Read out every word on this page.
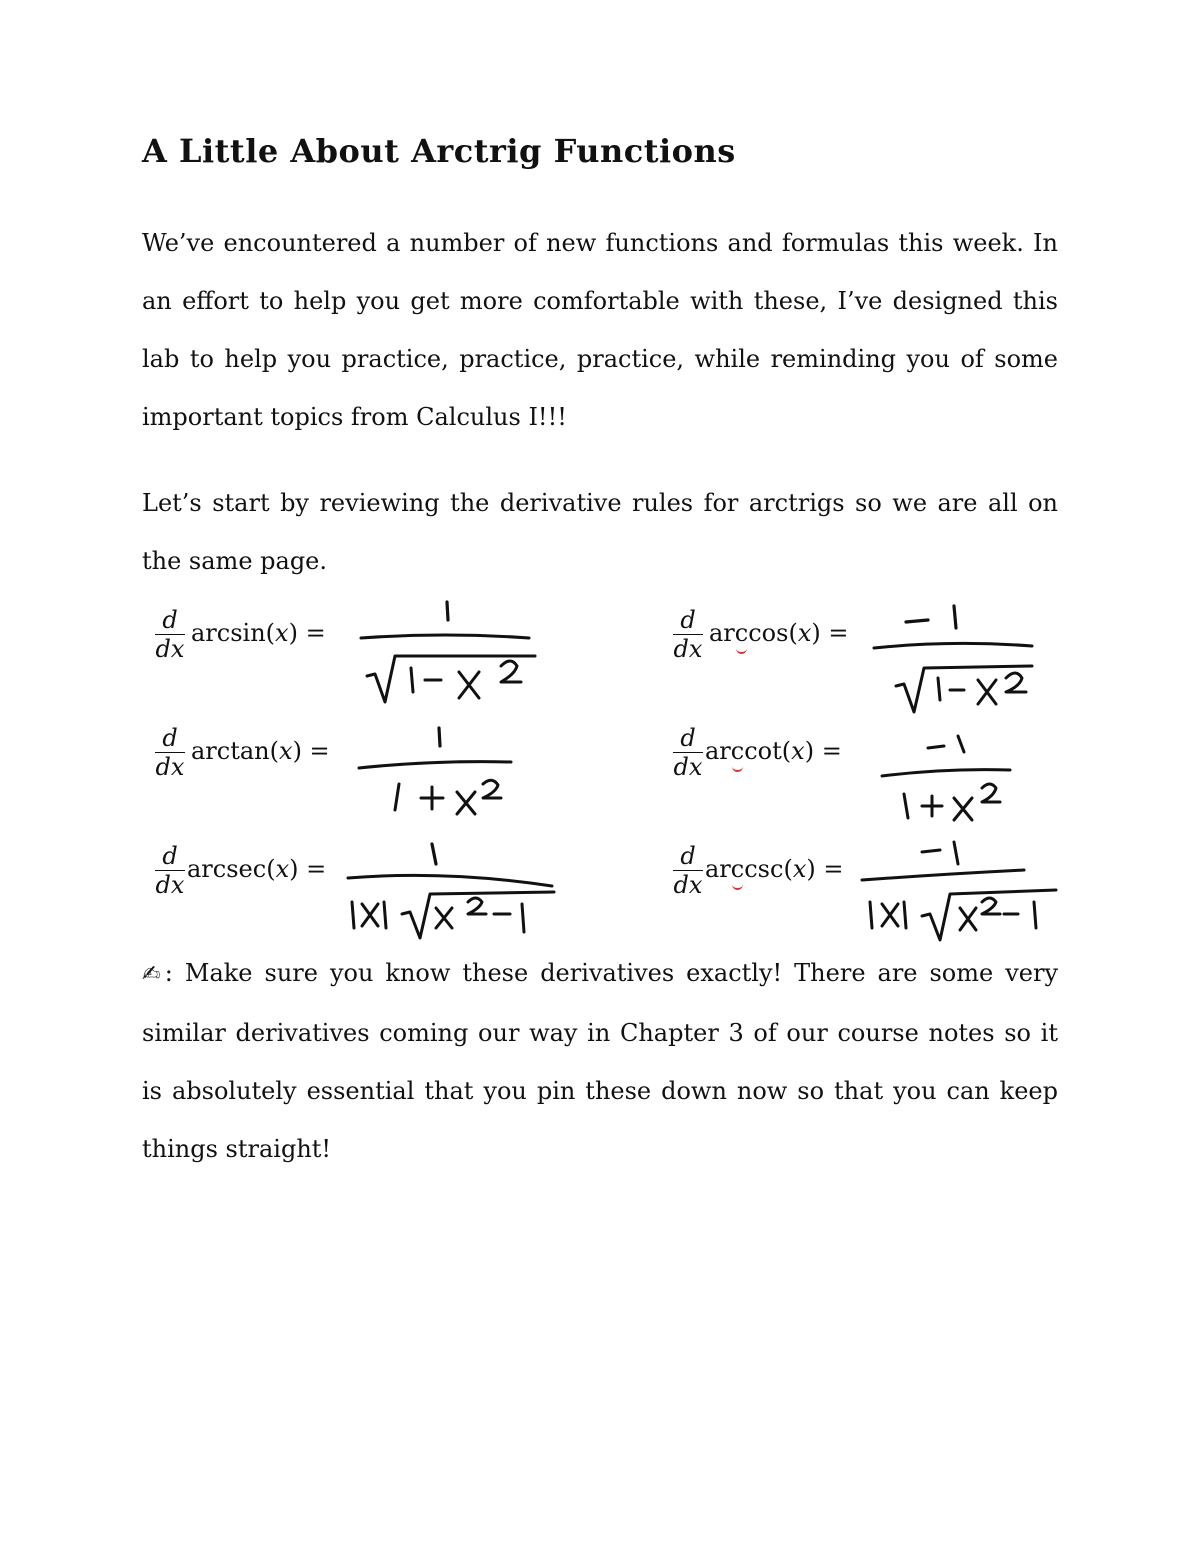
A Little About Arctrig Functions

We’ve encountered a number of new functions and formulas this week. In an effort to help you get more comfortable with these, I’ve designed this lab to help you practice, practice, practice, while reminding you of some important topics from Calculus I!!!

Let’s start by reviewing the derivative rules for arctrigs so we are all on the same page.

d
dx
arcsin(x) =	d
dx
arccos(x) =
d
dx
arctan(x) =	d
dx
arccot(x) =
d
dx
arcsec(x) =	d
dx
arccsc(x) =

✍: Make sure you know these derivatives exactly! There are some very similar derivatives coming our way in Chapter 3 of our course notes so it is absolutely essential that you pin these down now so that you can keep things straight!
